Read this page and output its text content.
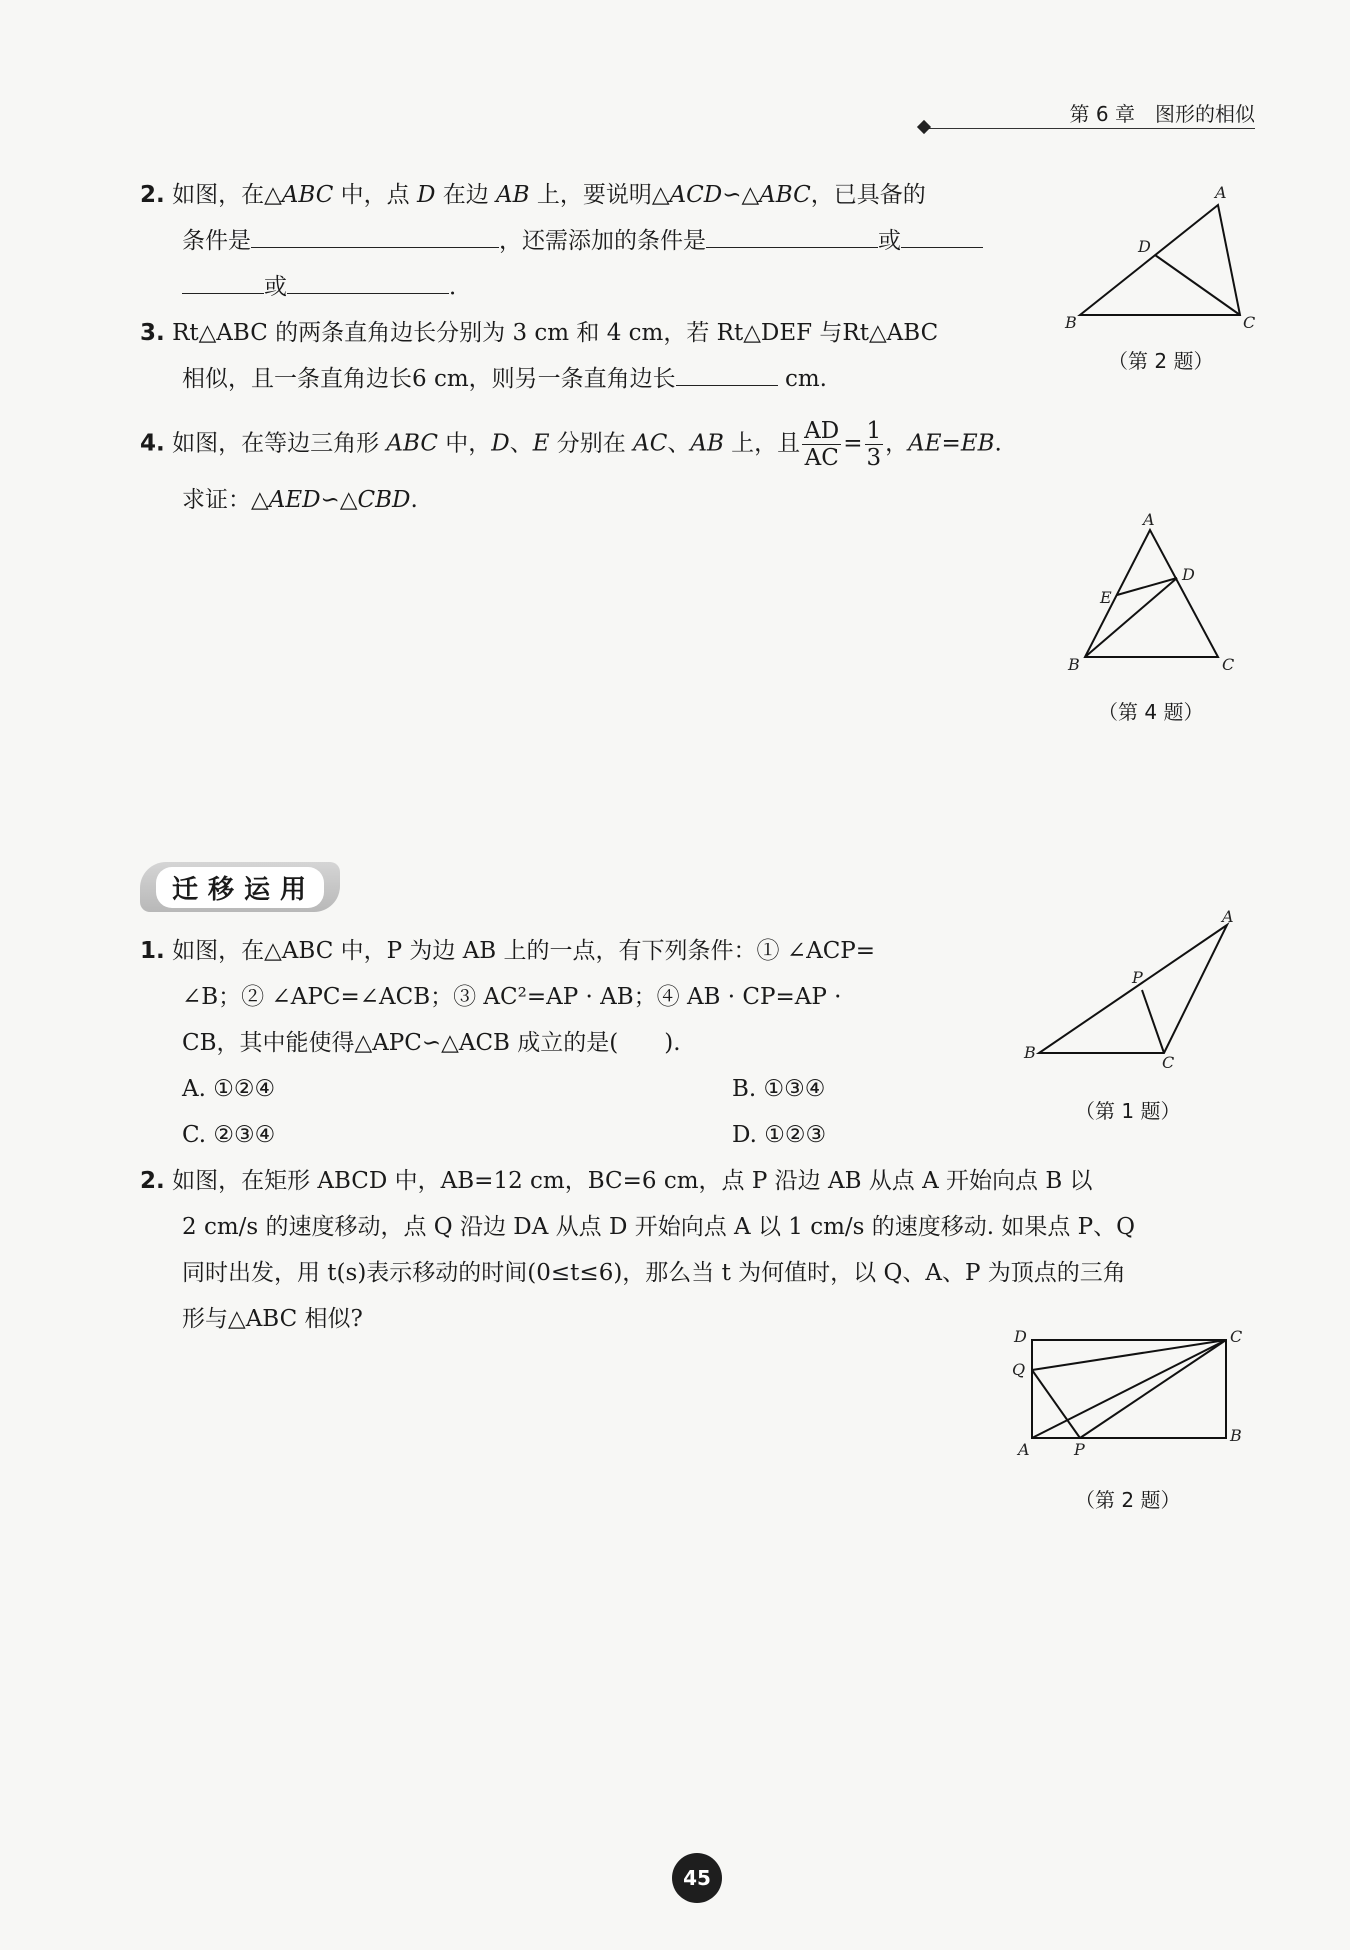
第 6 章　图形的相似
2. 如图，在△ABC 中，点 D 在边 AB 上，要说明△ACD∽△ABC，已具备的
条件是	，还需添加的条件是	或
或	．
3. Rt△ABC 的两条直角边长分别为 3 cm 和 4 cm，若 Rt△DEF 与Rt△ABC
相似，且一条直角边长6 cm，则另一条直角边长	cm.
4. 如图，在等边三角形 ABC 中，D、E 分别在 AC、AB 上，且 $\frac{AD}{AC} = \frac{1}{3}$ ，AE=EB.
求证：△AED∽△CBD.
A
D
B	C
（第 2 题）
A
D
E
B	C
（第 4 题）
迁移运用
1. 如图，在△ABC 中，P 为边 AB 上的一点，有下列条件：① ∠ACP=
∠B；② ∠APC=∠ACB；③ AC²=AP · AB；④ AB · CP=AP ·
CB，其中能使得△APC∽△ACB 成立的是(　　).
A. ①②④	B. ①③④
C. ②③④	D. ①②③
A
P
B
C
（第 1 题）
2. 如图，在矩形 ABCD 中，AB=12 cm，BC=6 cm，点 P 沿边 AB 从点 A 开始向点 B 以
2 cm/s 的速度移动，点 Q 沿边 DA 从点 D 开始向点 A 以 1 cm/s 的速度移动. 如果点 P、Q
同时出发，用 t(s)表示移动的时间(0≤t≤6)，那么当 t 为何值时，以 Q、A、P 为顶点的三角
形与△ABC 相似?
D	C
Q
A	P
B
（第 2 题）
45
